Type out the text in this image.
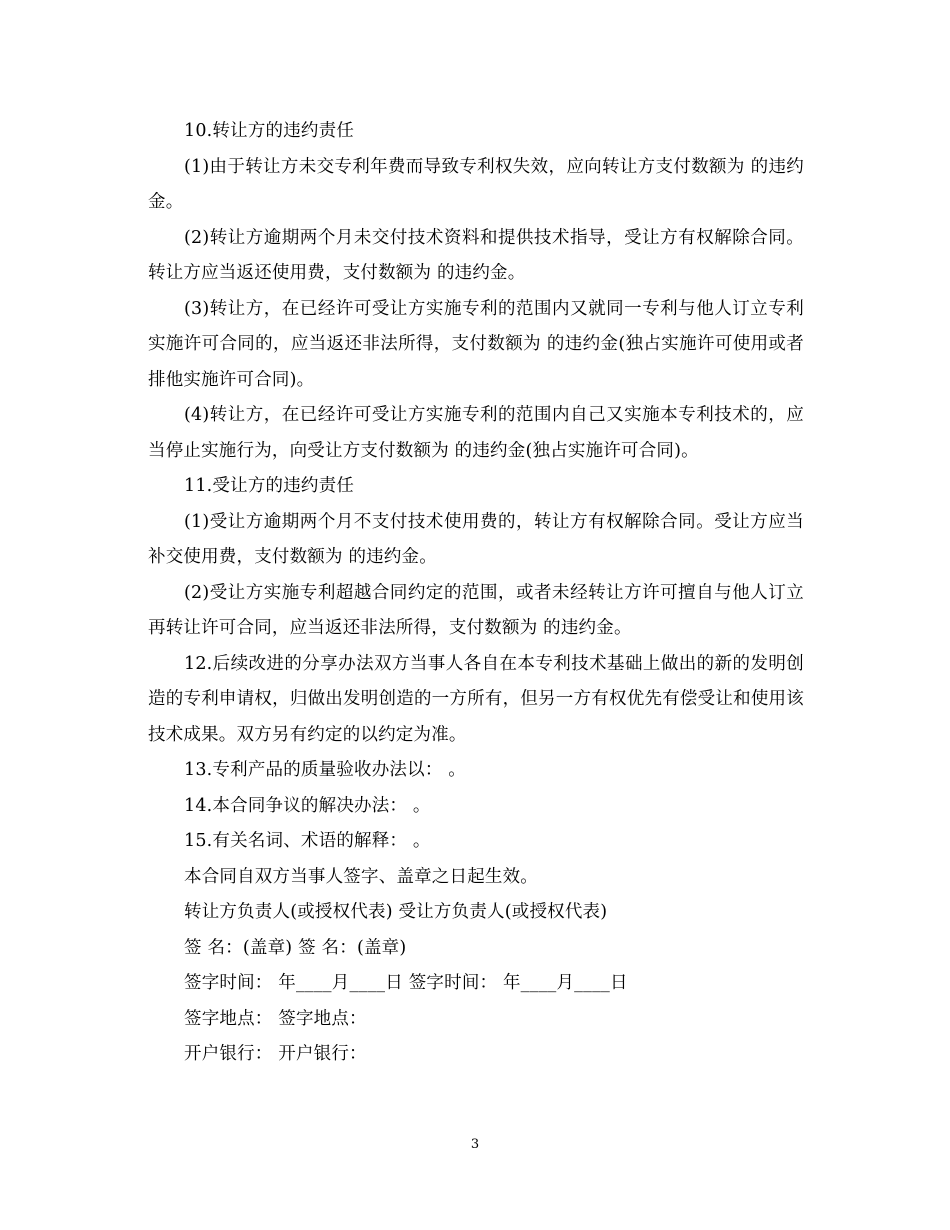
10.转让方的违约责任

(1)由于转让方未交专利年费而导致专利权失效，应向转让方支付数额为 的违约金。

(2)转让方逾期两个月未交付技术资料和提供技术指导，受让方有权解除合同。转让方应当返还使用费，支付数额为 的违约金。

(3)转让方，在已经许可受让方实施专利的范围内又就同一专利与他人订立专利实施许可合同的，应当返还非法所得，支付数额为 的违约金(独占实施许可使用或者排他实施许可合同)。

(4)转让方，在已经许可受让方实施专利的范围内自己又实施本专利技术的，应当停止实施行为，向受让方支付数额为 的违约金(独占实施许可合同)。

11.受让方的违约责任

(1)受让方逾期两个月不支付技术使用费的，转让方有权解除合同。受让方应当补交使用费，支付数额为 的违约金。

(2)受让方实施专利超越合同约定的范围，或者未经转让方许可擅自与他人订立再转让许可合同，应当返还非法所得，支付数额为 的违约金。

12.后续改进的分享办法双方当事人各自在本专利技术基础上做出的新的发明创造的专利申请权，归做出发明创造的一方所有，但另一方有权优先有偿受让和使用该技术成果。双方另有约定的以约定为准。

13.专利产品的质量验收办法以： 。

14.本合同争议的解决办法： 。

15.有关名词、术语的解释： 。

本合同自双方当事人签字、盖章之日起生效。

转让方负责人(或授权代表) 受让方负责人(或授权代表)

签 名：(盖章) 签 名：(盖章)

签字时间： 年____月____日 签字时间： 年____月____日

签字地点： 签字地点：

开户银行： 开户银行：

3
